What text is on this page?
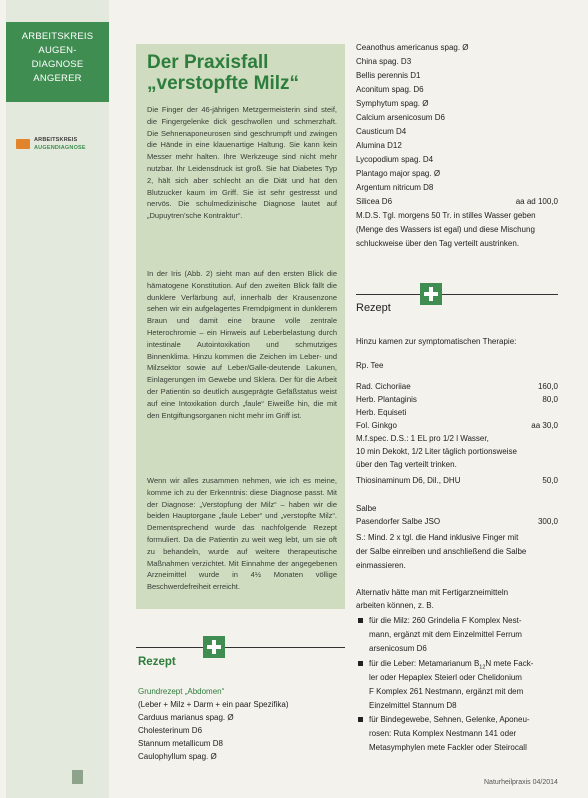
ARBEITSKREIS
AUGEN-
DIAGNOSE
ANGERER
ARBEITSKREIS
AUGENDIAGNOSE
Der Praxisfall
„verstopfte Milz“
Die Finger der 46-jährigen Metzgermeisterin sind steif, die Fingergelenke dick geschwollen und schmerzhaft. Die Sehnenaponeurosen sind geschrumpft und zwingen die Hände in eine klauenartige Haltung. Sie kann kein Messer mehr halten. Ihre Werkzeuge sind nicht mehr nutzbar. Ihr Leidensdruck ist groß. Sie hat Diabetes Typ 2, hält sich aber schlecht an die Diät und hat den Blutzucker kaum im Griff. Sie ist sehr gestresst und nervös. Die schulmedizinische Diagnose lautet auf „Dupuytren'sche Kontraktur“.
In der Iris (Abb. 2) sieht man auf den ersten Blick die hämatogene Konstitution. Auf den zweiten Blick fällt die dunklere Verfärbung auf, innerhalb der Krausenzone sehen wir ein aufgelagertes Fremdpigment in dunklerem Braun und damit eine braune volle zentrale Heterochromie – ein Hinweis auf Leberbelastung durch intestinale Autointoxikation und schmutziges Binnenklima. Hinzu kommen die Zeichen im Leber- und Milzsektor sowie auf Leber/Galle-deutende Lakunen, Einlagerungen im Gewebe und Sklera. Der für die Arbeit der Patientin so deutlich ausgeprägte Gefäßstatus weist auf eine Intoxikation durch „faule“ Eiweiße hin, die mit den Entgiftungsorganen nicht mehr im Griff ist.
Wenn wir alles zusammen nehmen, wie ich es meine, komme ich zu der Erkenntnis: diese Diagnose passt. Mit der Diagnose: „Verstopfung der Milz“ – haben wir die beiden Hauptorgane „faule Leber“ und „verstopfte Milz“. Dementsprechend wurde das nachfolgende Rezept formuliert. Da die Patientin zu weit weg lebt, um sie oft zu behandeln, wurde auf weitere therapeutische Maßnahmen verzichtet. Mit Einnahme der angegebenen Arzneimittel wurde in 4½ Monaten völlige Beschwerdefreiheit erreicht.
Rezept
Grundrezept „Abdomen“
(Leber + Milz + Darm + ein paar Spezifika)
Carduus marianus spag. Ø
Cholesterinum D6
Stannum metallicum D8
Caulophyllum spag. Ø
Ceanothus americanus spag. Ø
China spag. D3
Bellis perennis D1
Aconitum spag. D6
Symphytum spag. Ø
Calcium arsenicosum D6
Causticum D4
Alumina D12
Lycopodium spag. D4
Plantago major spag. Ø
Argentum nitricum D8
Silicea D6	aa ad 100,0
M.D.S. Tgl. morgens 50 Tr. in stilles Wasser geben
(Menge des Wassers ist egal) und diese Mischung
schluckweise über den Tag verteilt austrinken.
Rezept
Hinzu kamen zur symptomatischen Therapie:
Rp. Tee
Rad. Cichoriiae	160,0
Herb. Plantaginis	80,0
Herb. Equiseti
Fol. Ginkgo	aa 30,0
M.f.spec. D.S.: 1 EL pro 1/2 l Wasser,
10 min Dekokt, 1/2 Liter täglich portionsweise
über den Tag verteilt trinken.
Thiosinaminum D6, Dil., DHU	50,0
Salbe
Pasendorfer Salbe JSO	300,0
S.: Mind. 2 x tgl. die Hand inklusive Finger mit
der Salbe einreiben und anschließend die Salbe
einmassieren.
Alternativ hätte man mit Fertigarzneimitteln
arbeiten können, z. B.
für die Milz: 260 Grindelia F Komplex Nest-
mann, ergänzt mit dem Einzelmittel Ferrum
arsenicosum D6
für die Leber: Metamarianum $B_{12}N$ mete Fack-
ler oder Hepaplex Steierl oder Chelidonium
F Komplex 261 Nestmann, ergänzt mit dem
Einzelmittel Stannum D8
für Bindegewebe, Sehnen, Gelenke, Aponeu-
rosen: Ruta Komplex Nestmann 141 oder
Metasymphylen mete Fackler oder Steirocall
Naturheilpraxis 04/2014
